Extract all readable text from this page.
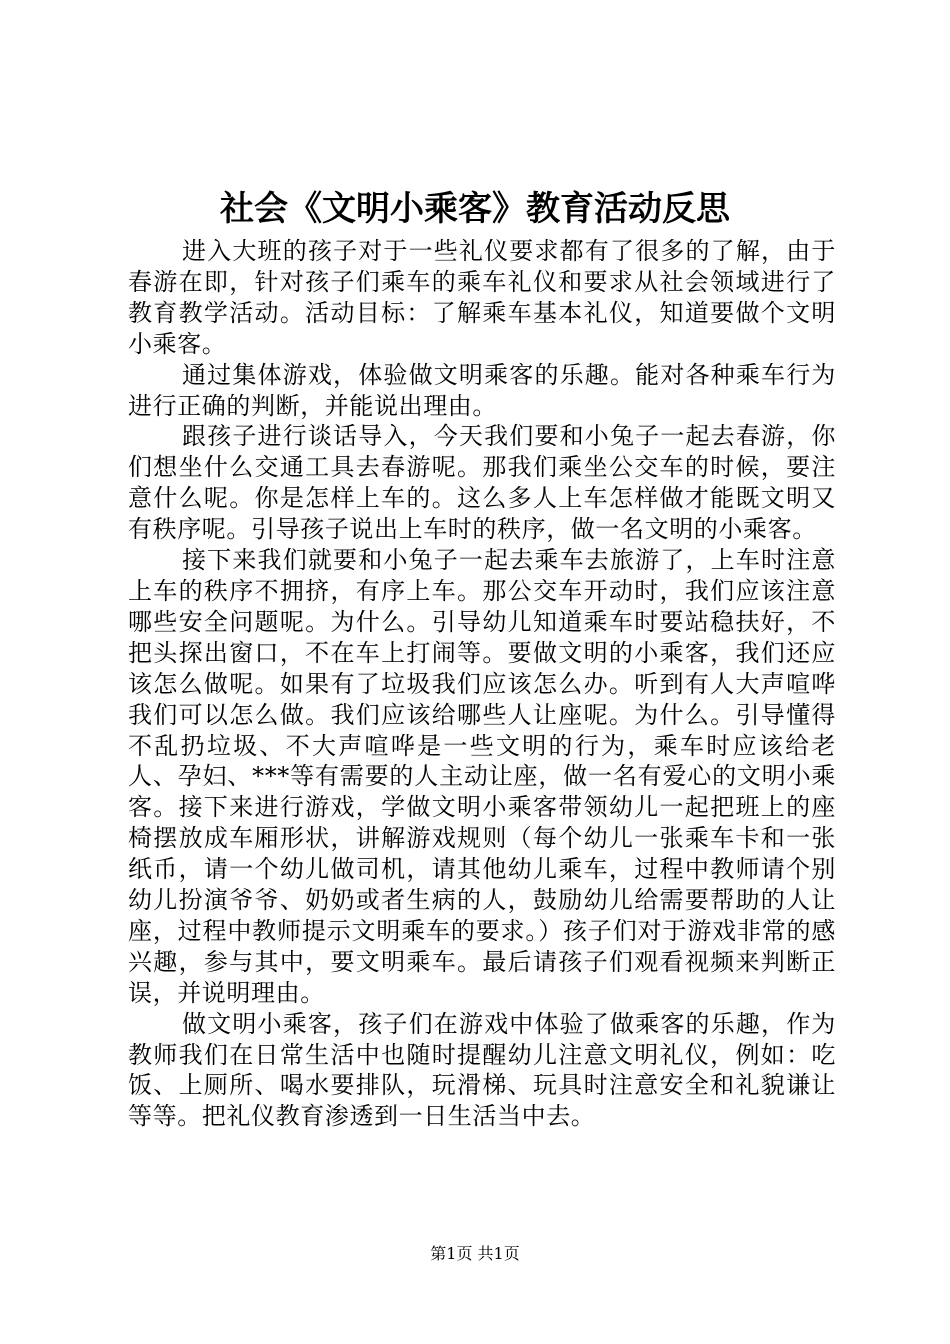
社会《文明小乘客》教育活动反思

进入大班的孩子对于一些礼仪要求都有了很多的了解，由于春游在即，针对孩子们乘车的乘车礼仪和要求从社会领域进行了教育教学活动。活动目标：了解乘车基本礼仪，知道要做个文明小乘客。

通过集体游戏，体验做文明乘客的乐趣。能对各种乘车行为进行正确的判断，并能说出理由。

跟孩子进行谈话导入，今天我们要和小兔子一起去春游，你们想坐什么交通工具去春游呢。那我们乘坐公交车的时候，要注意什么呢。你是怎样上车的。这么多人上车怎样做才能既文明又有秩序呢。引导孩子说出上车时的秩序，做一名文明的小乘客。

接下来我们就要和小兔子一起去乘车去旅游了，上车时注意上车的秩序不拥挤，有序上车。那公交车开动时，我们应该注意哪些安全问题呢。为什么。引导幼儿知道乘车时要站稳扶好，不把头探出窗口，不在车上打闹等。要做文明的小乘客，我们还应该怎么做呢。如果有了垃圾我们应该怎么办。听到有人大声喧哗我们可以怎么做。我们应该给哪些人让座呢。为什么。引导懂得不乱扔垃圾、不大声喧哗是一些文明的行为，乘车时应该给老人、孕妇、***等有需要的人主动让座，做一名有爱心的文明小乘客。接下来进行游戏，学做文明小乘客带领幼儿一起把班上的座椅摆放成车厢形状，讲解游戏规则（每个幼儿一张乘车卡和一张纸币，请一个幼儿做司机，请其他幼儿乘车，过程中教师请个别幼儿扮演爷爷、奶奶或者生病的人，鼓励幼儿给需要帮助的人让座，过程中教师提示文明乘车的要求。）孩子们对于游戏非常的感兴趣，参与其中，要文明乘车。最后请孩子们观看视频来判断正误，并说明理由。

做文明小乘客，孩子们在游戏中体验了做乘客的乐趣，作为教师我们在日常生活中也随时提醒幼儿注意文明礼仪，例如：吃饭、上厕所、喝水要排队，玩滑梯、玩具时注意安全和礼貌谦让等等。把礼仪教育渗透到一日生活当中去。

第1页 共1页
